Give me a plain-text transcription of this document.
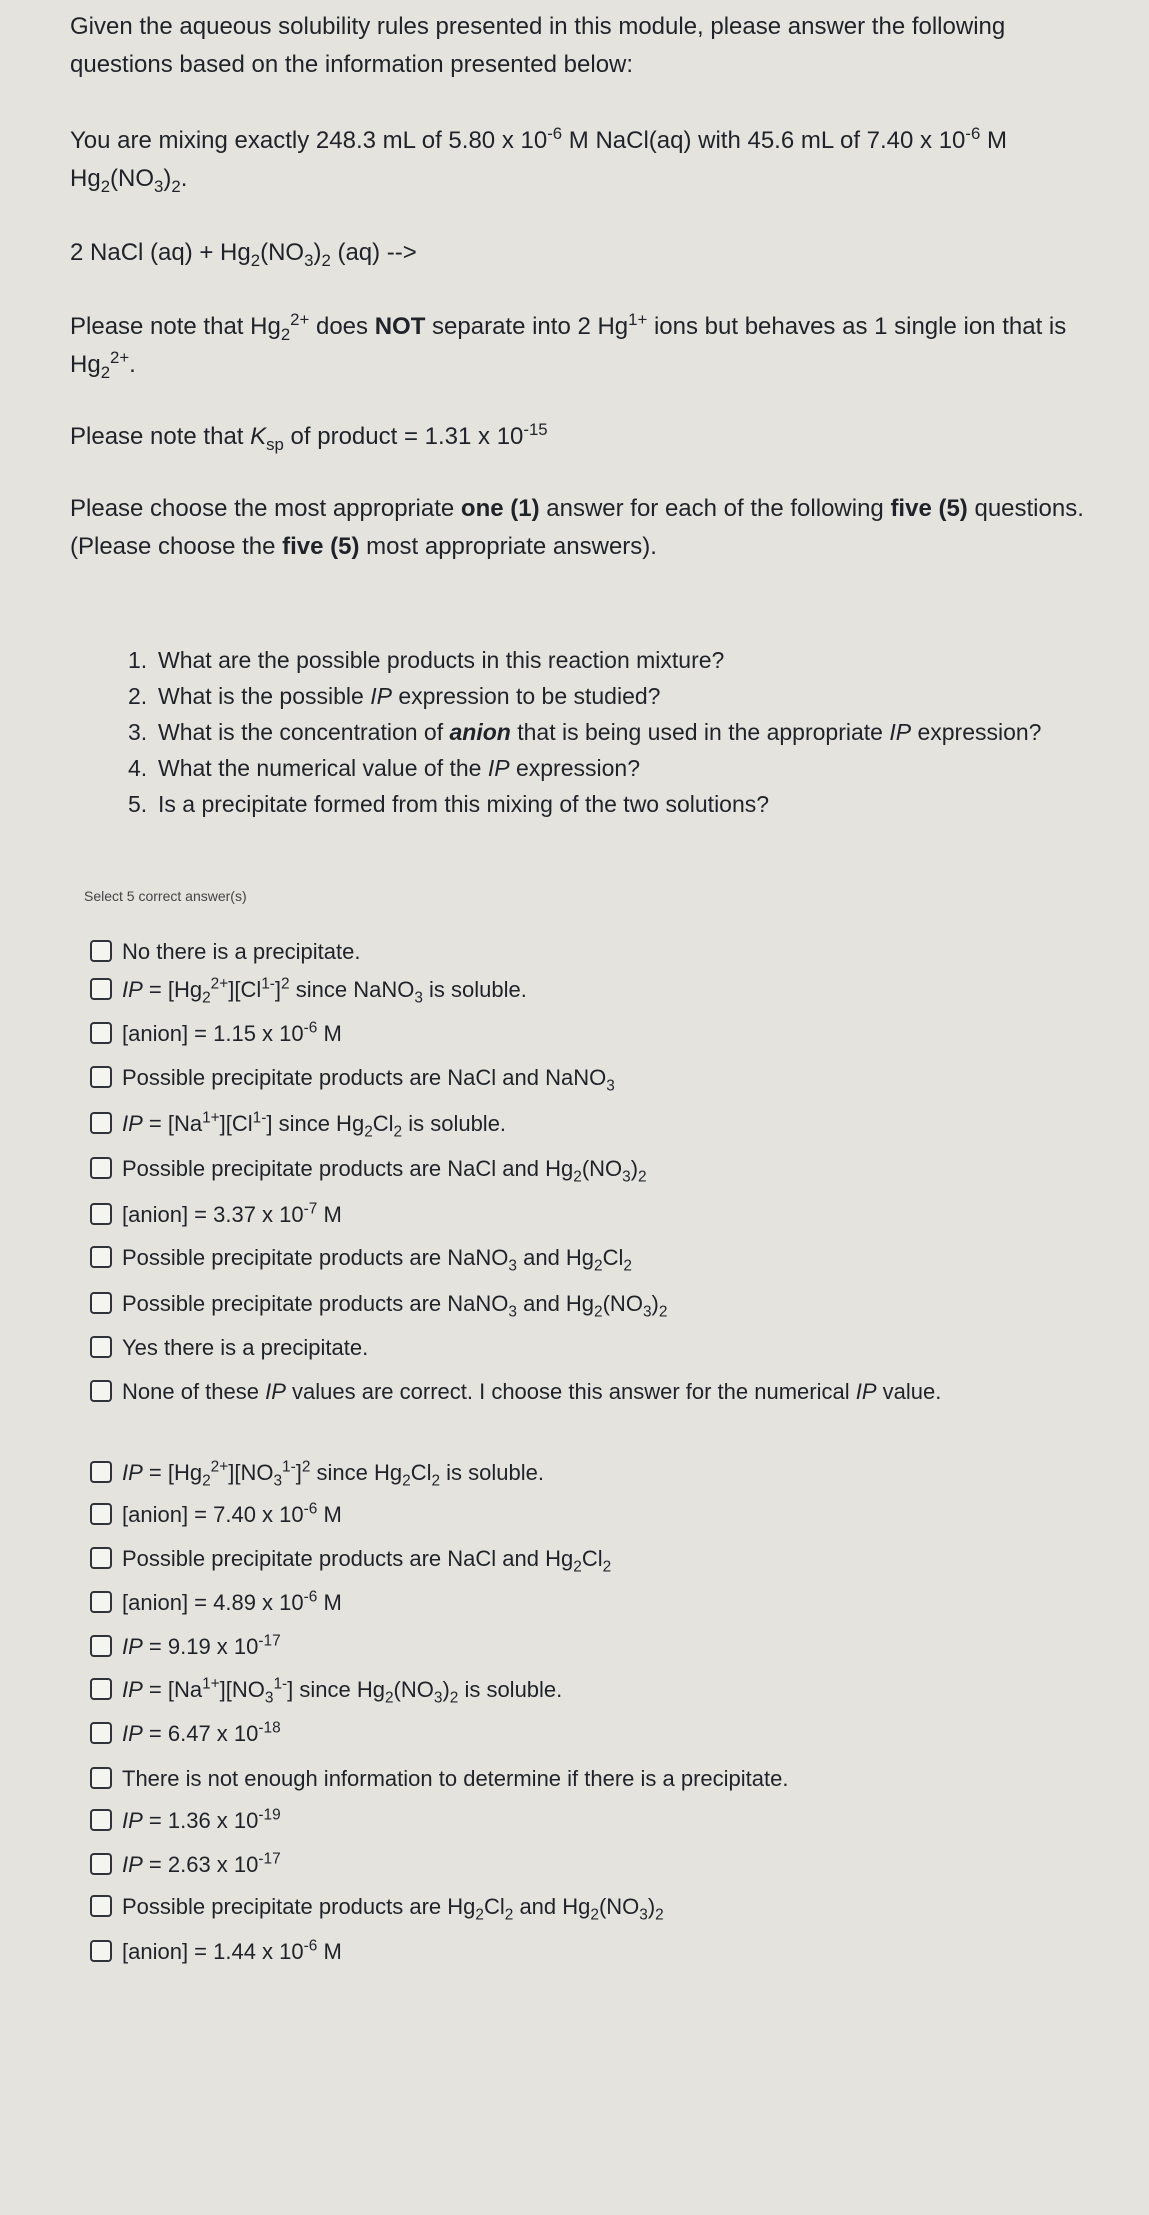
Given the aqueous solubility rules presented in this module, please answer the following questions based on the information presented below:

You are mixing exactly 248.3 mL of 5.80 x $10^{-6}$ M NaCl(aq) with 45.6 mL of 7.40 x $10^{-6}$ M $Hg_2(NO_3)_2$.

2 NaCl $(aq) + Hg_2(NO_3)_2$ (aq) -->

Please note that $Hg_2^{2+}$ does NOT separate into 2 $Hg^{1+}$ ions but behaves as 1 single ion that is $Hg_2^{2+}$.

Please note that $K_{sp}$ of product = 1.31 x $10^{-15}$

Please choose the most appropriate one (1) answer for each of the following five (5) questions. (Please choose the five (5) most appropriate answers).

1. What are the possible products in this reaction mixture?
2. What is the possible IP expression to be studied?
3. What is the concentration of anion that is being used in the appropriate IP expression?
4. What the numerical value of the IP expression?
5. Is a precipitate formed from this mixing of the two solutions?
Select 5 correct answer(s)
No there is a precipitate.
IP = $[Hg_2^{2+}][Cl^{1-}]^2$ since NaNO$_3$ is soluble.
[anion] = 1.15 x $10^{-6}$ M
Possible precipitate products are NaCl and NaNO$_3$
IP = $[Na^{1+}][Cl^{1-}]$ since $Hg_2Cl_2$ is soluble.
Possible precipitate products are NaCl and $Hg_2(NO_3)_2$
[anion] = 3.37 x $10^{-7}$ M
Possible precipitate products are NaNO$_3$ and $Hg_2Cl_2$
Possible precipitate products are NaNO$_3$ and $Hg_2(NO_3)_2$
Yes there is a precipitate.
None of these IP values are correct. I choose this answer for the numerical IP value.
IP = $[Hg_2^{2+}][NO_3^{1-}]^2$ since $Hg_2Cl_2$ is soluble.
[anion] = 7.40 x $10^{-6}$ M
Possible precipitate products are NaCl and $Hg_2Cl_2$
[anion] = 4.89 x $10^{-6}$ M
IP = 9.19 x $10^{-17}$
IP = $[Na^{1+}][NO_3^{1-}]$ since $Hg_2(NO_3)_2$ is soluble.
IP = 6.47 x $10^{-18}$
There is not enough information to determine if there is a precipitate.
IP = 1.36 x $10^{-19}$
IP = 2.63 x $10^{-17}$
Possible precipitate products are $Hg_2Cl_2$ and $Hg_2(NO_3)_2$
[anion] = 1.44 x $10^{-6}$ M
